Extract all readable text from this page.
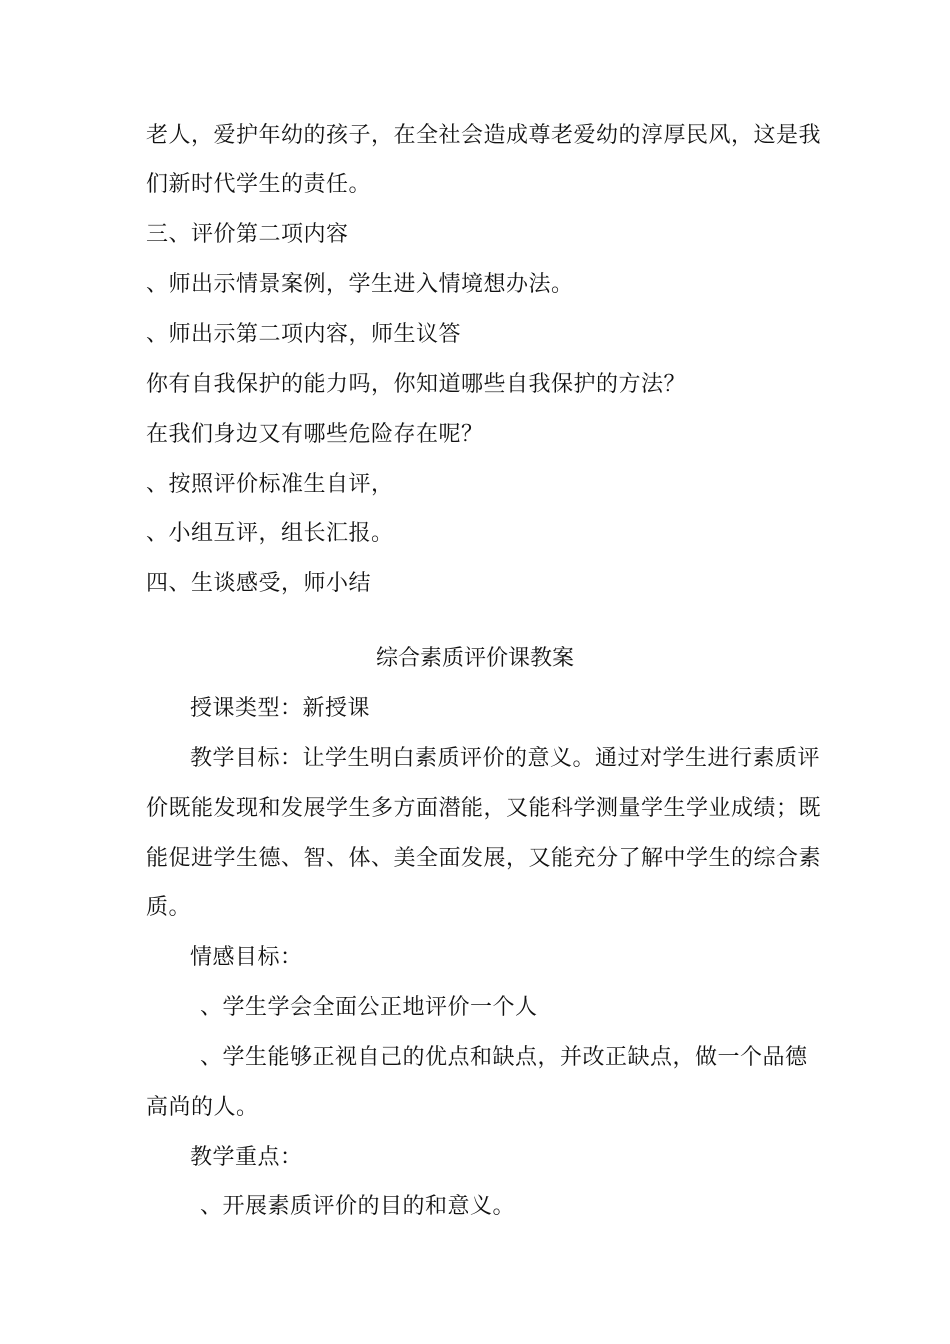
老人，爱护年幼的孩子，在全社会造成尊老爱幼的淳厚民风，这是我
们新时代学生的责任。
三、评价第二项内容
、师出示情景案例，学生进入情境想办法。
、师出示第二项内容，师生议答
你有自我保护的能力吗，你知道哪些自我保护的方法？
在我们身边又有哪些危险存在呢？
、按照评价标准生自评，
、小组互评，组长汇报。
四、生谈感受，师小结
综合素质评价课教案
授课类型：新授课
教学目标：让学生明白素质评价的意义。通过对学生进行素质评
价既能发现和发展学生多方面潜能，又能科学测量学生学业成绩；既
能促进学生德、智、体、美全面发展，又能充分了解中学生的综合素
质。
情感目标：
、学生学会全面公正地评价一个人
、学生能够正视自己的优点和缺点，并改正缺点，做一个品德
高尚的人。
教学重点：
、开展素质评价的目的和意义。
